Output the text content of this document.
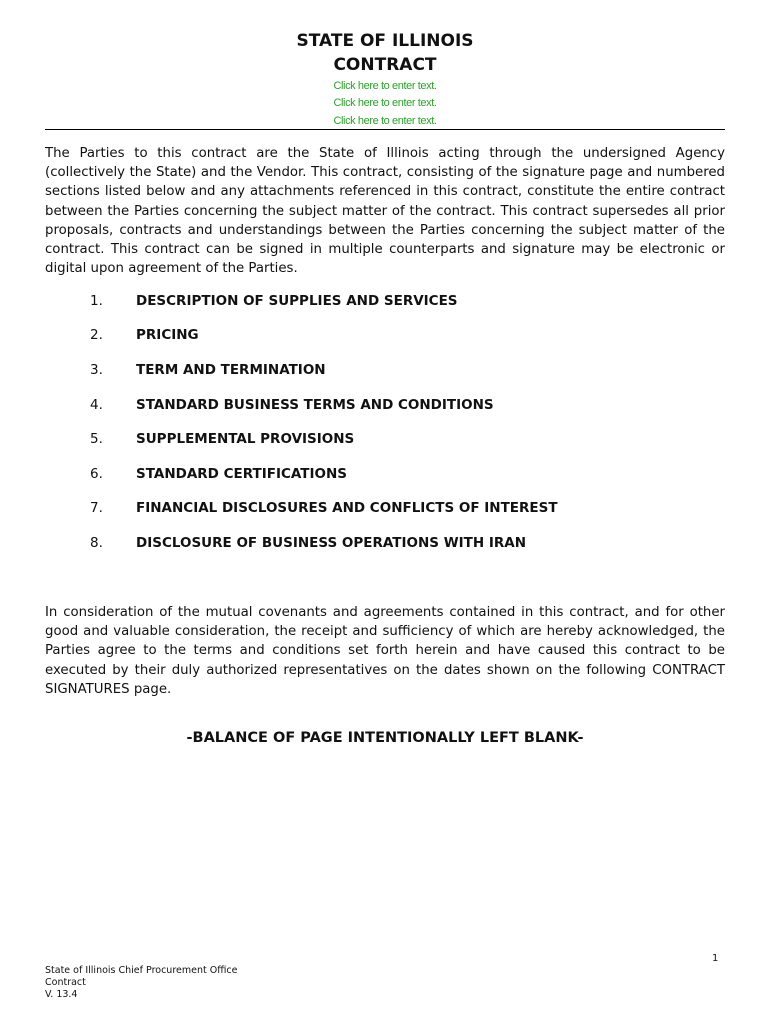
STATE OF ILLINOIS
CONTRACT
Click here to enter text.
Click here to enter text.
Click here to enter text.

The Parties to this contract are the State of Illinois acting through the undersigned Agency (collectively the State) and the Vendor. This contract, consisting of the signature page and numbered sections listed below and any attachments referenced in this contract, constitute the entire contract between the Parties concerning the subject matter of the contract. This contract supersedes all prior proposals, contracts and understandings between the Parties concerning the subject matter of the contract. This contract can be signed in multiple counterparts and signature may be electronic or digital upon agreement of the Parties.

1.	DESCRIPTION OF SUPPLIES AND SERVICES
2.	PRICING
3.	TERM AND TERMINATION
4.	STANDARD BUSINESS TERMS AND CONDITIONS
5.	SUPPLEMENTAL PROVISIONS
6.	STANDARD CERTIFICATIONS
7.	FINANCIAL DISCLOSURES AND CONFLICTS OF INTEREST
8.	DISCLOSURE OF BUSINESS OPERATIONS WITH IRAN

In consideration of the mutual covenants and agreements contained in this contract, and for other good and valuable consideration, the receipt and sufficiency of which are hereby acknowledged, the Parties agree to the terms and conditions set forth herein and have caused this contract to be executed by their duly authorized representatives on the dates shown on the following CONTRACT SIGNATURES page.

-BALANCE OF PAGE INTENTIONALLY LEFT BLANK-
1
State of Illinois Chief Procurement Office
Contract
V. 13.4
